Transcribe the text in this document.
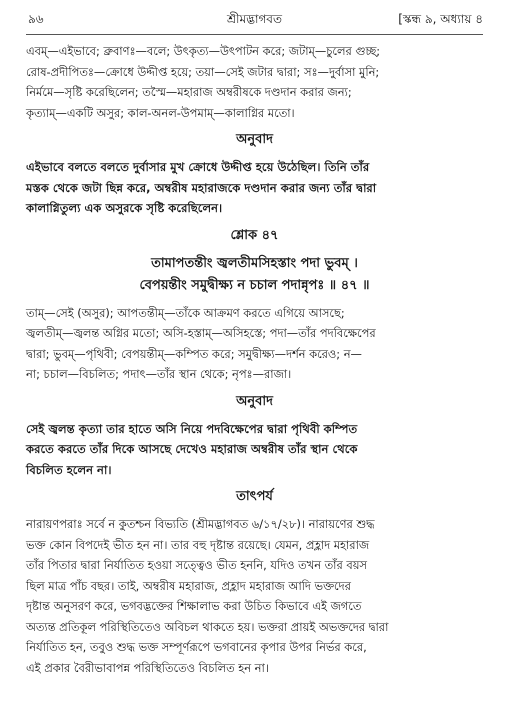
৯৬	শ্রীমদ্ভাগবত	[স্কন্ধ ৯, অধ্যায় ৪

এবম্—এইভাবে; ব্রুবাণঃ—বলে; উৎকৃত্য—উৎপাটন করে; জটাম্—চুলের গুচ্ছ;

রোষ-প্রদীপিতঃ—ক্রোধে উদ্দীপ্ত হয়ে; তয়া—সেই জটার দ্বারা; সঃ—দুর্বাসা মুনি;

নির্মমে—সৃষ্টি করেছিলেন; তস্মৈ—মহারাজ অম্বরীষকে দণ্ডদান করার জন্য;

কৃত্যাম্—একটি অসুর; কাল-অনল-উপমাম্—কালাগ্নির মতো।

অনুবাদ

এইভাবে বলতে বলতে দুর্বাসার মুখ ক্রোধে উদ্দীপ্ত হয়ে উঠেছিল। তিনি তাঁর

মস্তক থেকে জটা ছিন্ন করে, অম্বরীষ মহারাজকে দণ্ডদান করার জন্য তাঁর দ্বারা

কালাগ্নিতুল্য এক অসুরকে সৃষ্টি করেছিলেন।

শ্লোক ৪৭

তামাপতন্তীং জ্বলতীমসিহস্তাং পদা ভুবম্ ।

বেপয়ন্তীং সমুদ্বীক্ষ্য ন চচাল পদান্নৃপঃ ॥ ৪৭ ॥

তাম্—সেই (অসুর); আপতন্তীম্—তাঁকে আক্রমণ করতে এগিয়ে আসছে;

জ্বলতীম্—জ্বলন্ত অগ্নির মতো; অসি-হস্তাম্—অসিহস্তে; পদা—তাঁর পদবিক্ষেপের

দ্বারা; ভুবম্—পৃথিবী; বেপয়ন্তীম্—কম্পিত করে; সমুদ্বীক্ষ্য—দর্শন করেও; ন—

না; চচাল—বিচলিত; পদাৎ—তাঁর স্থান থেকে; নৃপঃ—রাজা।

অনুবাদ

সেই জ্বলন্ত কৃত্যা তার হাতে অসি নিয়ে পদবিক্ষেপের দ্বারা পৃথিবী কম্পিত

করতে করতে তাঁর দিকে আসছে দেখেও মহারাজ অম্বরীষ তাঁর স্থান থেকে

বিচলিত হলেন না।

তাৎপর্য

নারায়ণপরাঃ সর্বে ন কুতশ্চন বিভ্যতি (শ্রীমদ্ভাগবত ৬/১৭/২৮)। নারায়ণের শুদ্ধ

ভক্ত কোন বিপদেই ভীত হন না। তার বহু দৃষ্টান্ত রয়েছে। যেমন, প্রহ্লাদ মহারাজ

তাঁর পিতার দ্বারা নির্যাতিত হওয়া সত্ত্বেও ভীত হননি, যদিও তখন তাঁর বয়স

ছিল মাত্র পাঁচ বছর। তাই, অম্বরীষ মহারাজ, প্রহ্লাদ মহারাজ আদি ভক্তদের

দৃষ্টান্ত অনুসরণ করে, ভগবদ্ভক্তের শিক্ষালাভ করা উচিত কিভাবে এই জগতে

অত্যন্ত প্রতিকূল পরিস্থিতিতেও অবিচল থাকতে হয়। ভক্তরা প্রায়ই অভক্তদের দ্বারা

নির্যাতিত হন, তবুও শুদ্ধ ভক্ত সম্পূর্ণরূপে ভগবানের কৃপার উপর নির্ভর করে,

এই প্রকার বৈরীভাবাপন্ন পরিস্থিতিতেও বিচলিত হন না।
